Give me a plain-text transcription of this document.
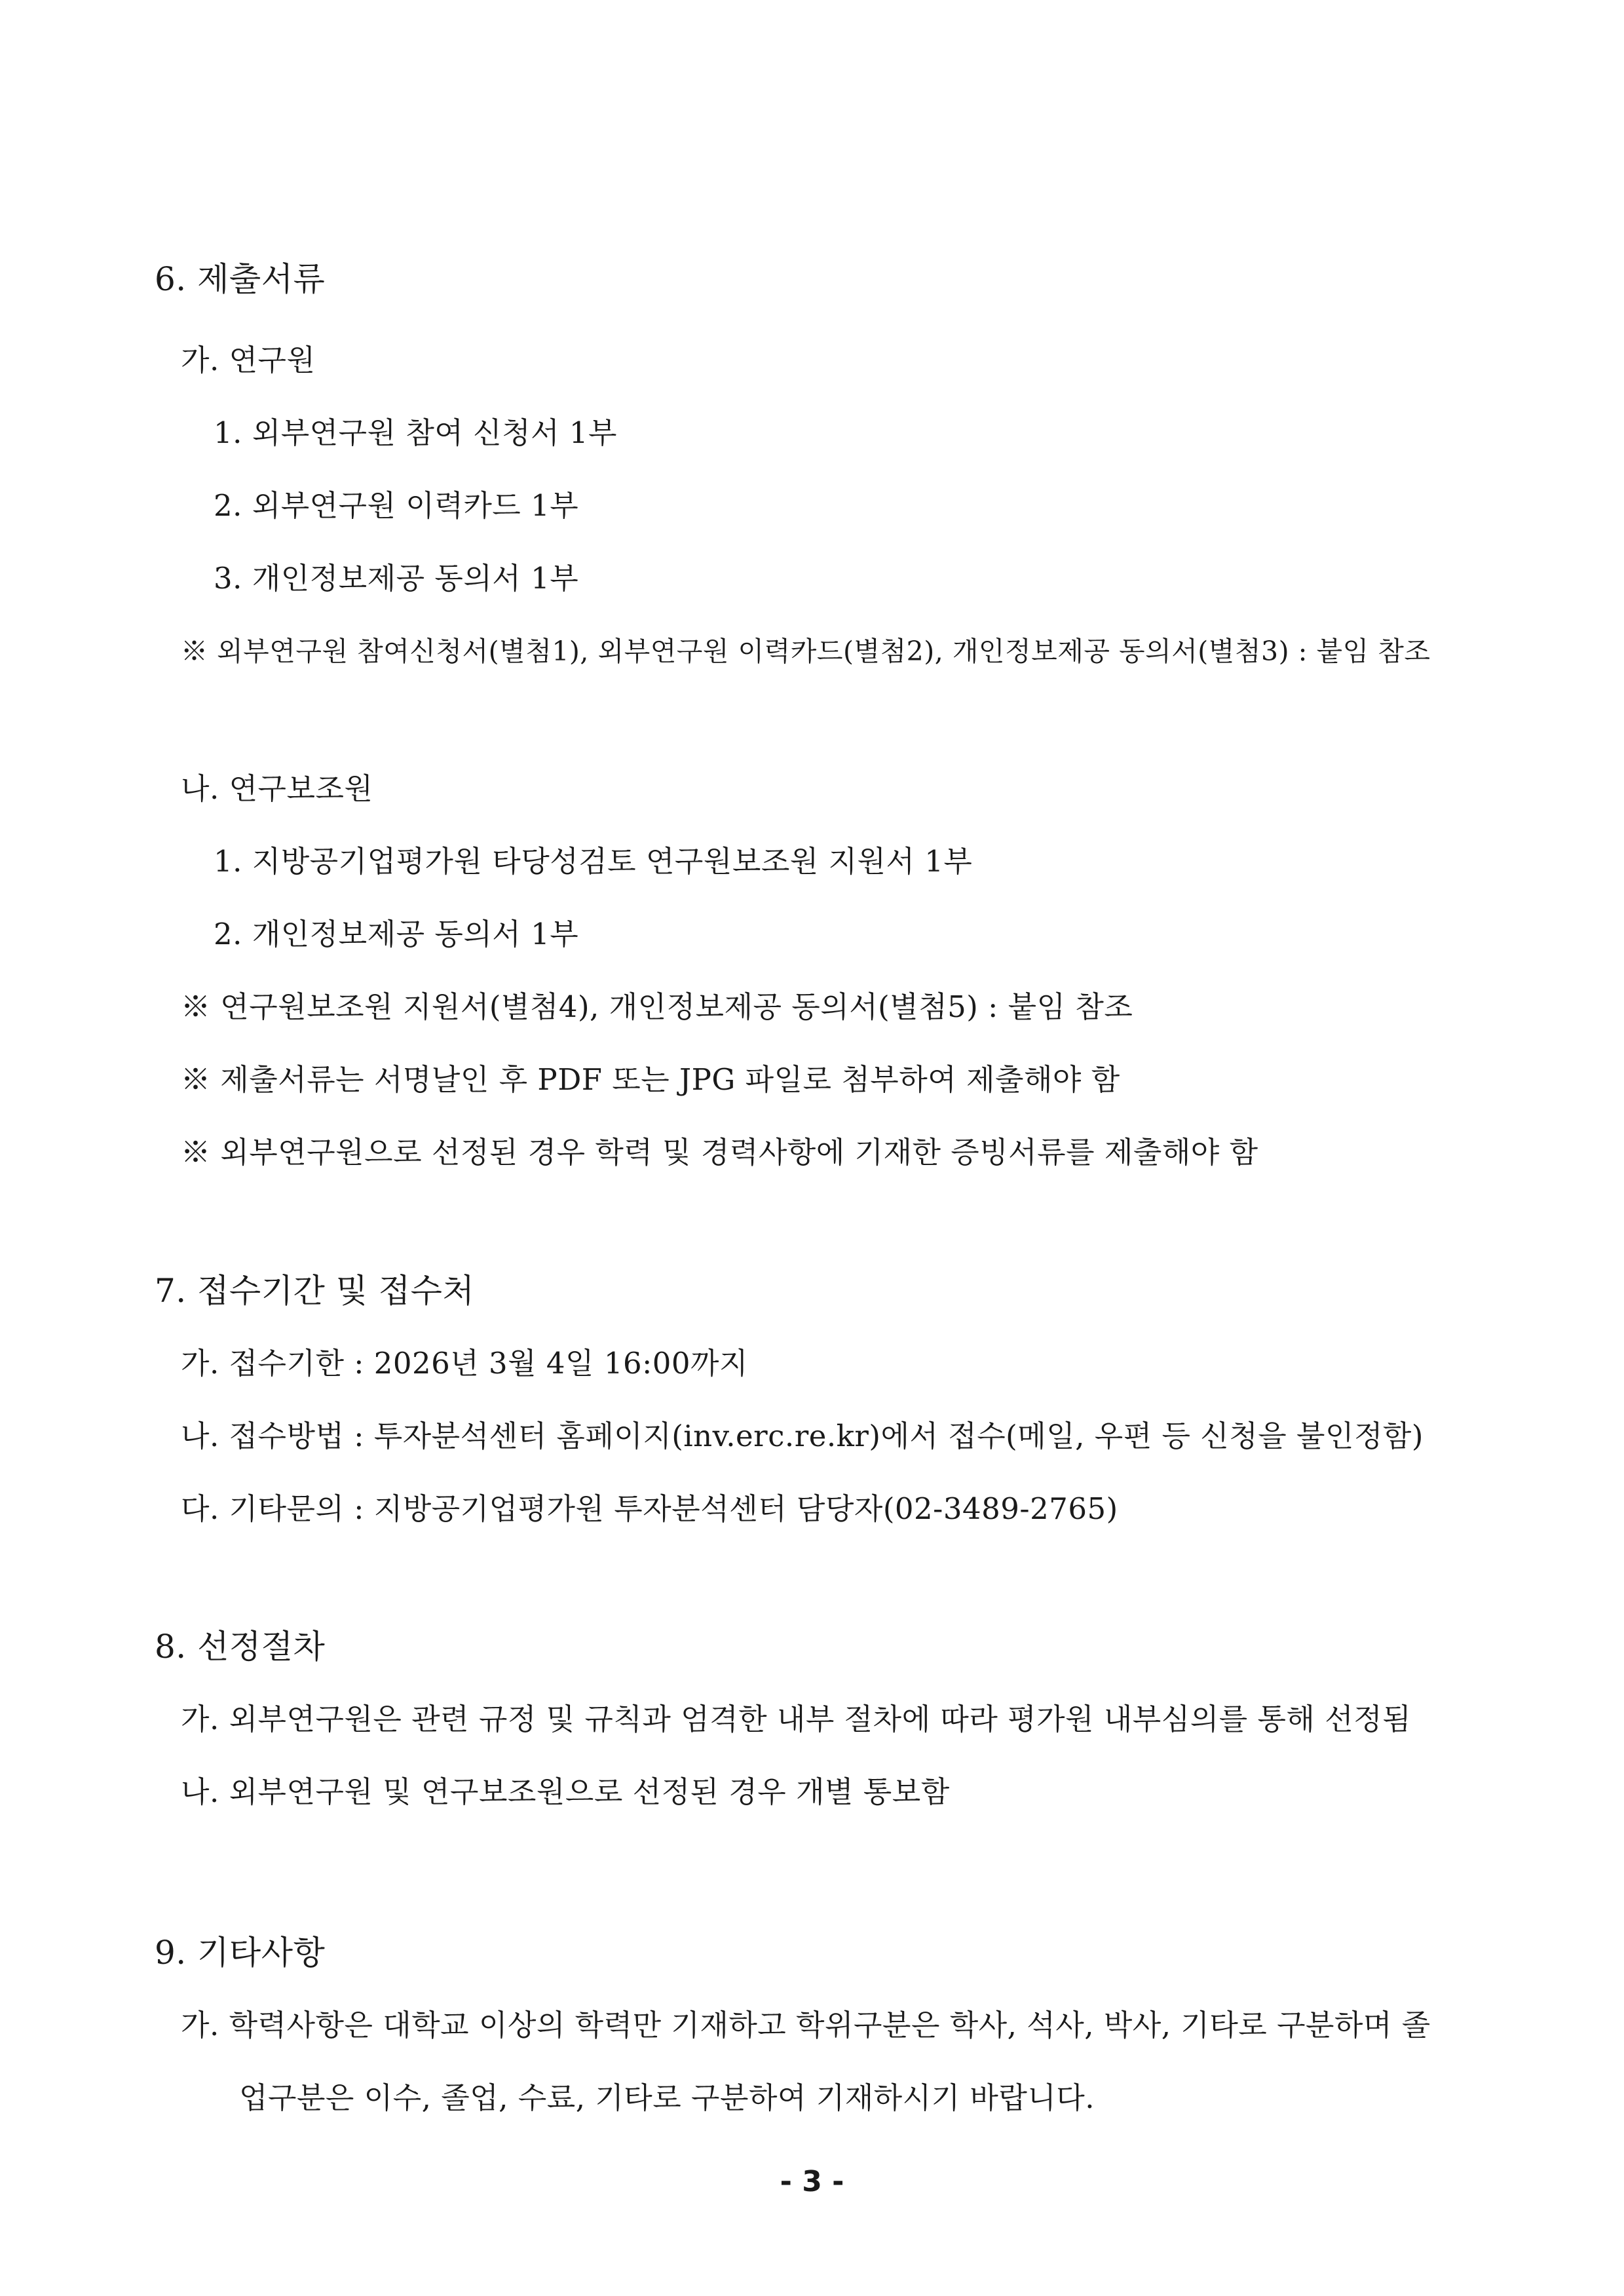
6. 제출서류
가. 연구원
1. 외부연구원 참여 신청서 1부
2. 외부연구원 이력카드 1부
3. 개인정보제공 동의서 1부
※ 외부연구원 참여신청서(별첨1), 외부연구원 이력카드(별첨2), 개인정보제공 동의서(별첨3) : 붙임 참조
나. 연구보조원
1. 지방공기업평가원 타당성검토 연구원보조원 지원서 1부
2. 개인정보제공 동의서 1부
※ 연구원보조원 지원서(별첨4), 개인정보제공 동의서(별첨5) : 붙임 참조
※ 제출서류는 서명날인 후 PDF 또는 JPG 파일로 첨부하여 제출해야 함
※ 외부연구원으로 선정된 경우 학력 및 경력사항에 기재한 증빙서류를 제출해야 함
7. 접수기간 및 접수처
가. 접수기한 : 2026년 3월 4일 16:00까지
나. 접수방법 : 투자분석센터 홈페이지(inv.erc.re.kr)에서 접수(메일, 우편 등 신청을 불인정함)
다. 기타문의 : 지방공기업평가원 투자분석센터 담당자(02-3489-2765)
8. 선정절차
가. 외부연구원은 관련 규정 및 규칙과 엄격한 내부 절차에 따라 평가원 내부심의를 통해 선정됨
나. 외부연구원 및 연구보조원으로 선정된 경우 개별 통보함
9. 기타사항
가. 학력사항은 대학교 이상의 학력만 기재하고 학위구분은 학사, 석사, 박사, 기타로 구분하며 졸
업구분은 이수, 졸업, 수료, 기타로 구분하여 기재하시기 바랍니다.
- 3 -
